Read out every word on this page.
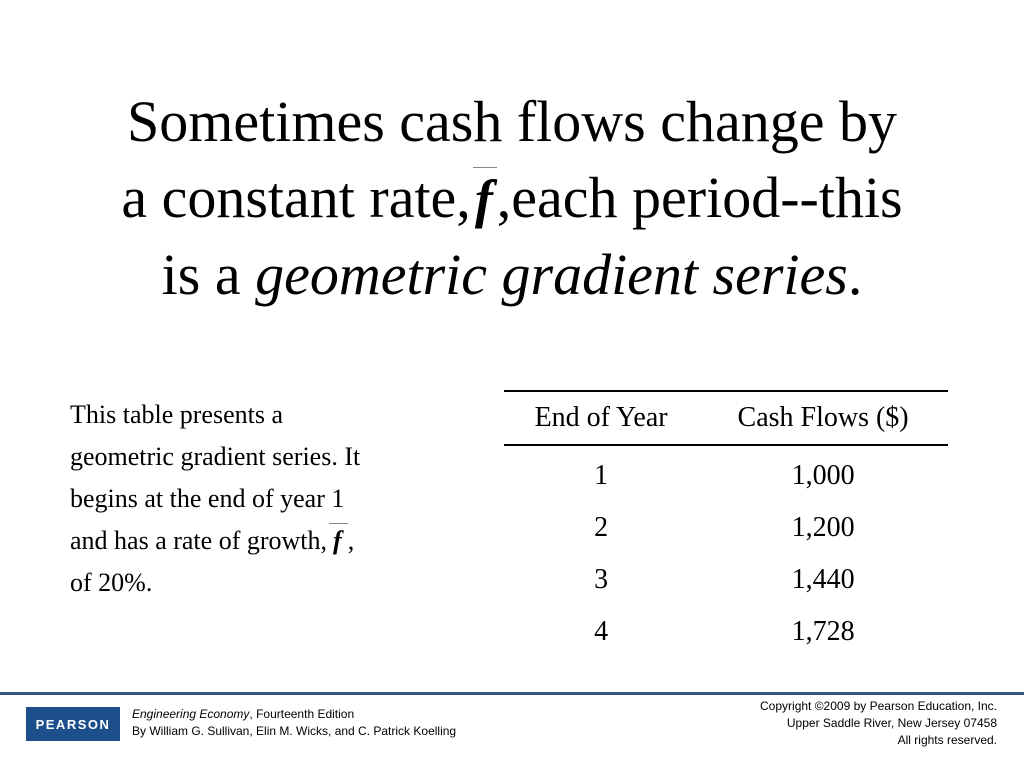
Sometimes cash flows change by
a constant rate,
f,each period--this
is a geometric gradient series.
This table presents a
geometric gradient series. It
begins at the end of year 1
and has a rate of growth, f ,
of 20%.
End of Year	Cash Flows ($)
1	1,000
2	1,200
3	1,440
4	1,728
PEARSON
Engineering Economy, Fourteenth Edition
By William G. Sullivan, Elin M. Wicks, and C. Patrick Koelling
Copyright ©2009 by Pearson Education, Inc.
Upper Saddle River, New Jersey 07458
All rights reserved.
